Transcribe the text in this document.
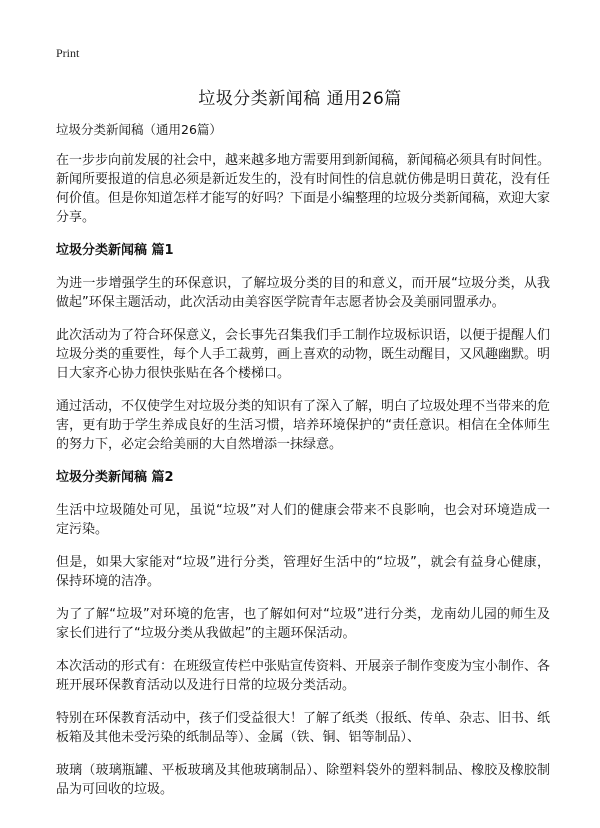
Print
垃圾分类新闻稿 通用26篇
垃圾分类新闻稿（通用26篇）

在一步步向前发展的社会中，越来越多地方需要用到新闻稿，新闻稿必须具有时间性。新闻所要报道的信息必须是新近发生的，没有时间性的信息就仿佛是明日黄花，没有任何价值。但是你知道怎样才能写的好吗？下面是小编整理的垃圾分类新闻稿，欢迎大家分享。

垃圾分类新闻稿 篇1

为进一步增强学生的环保意识，了解垃圾分类的目的和意义，而开展“垃圾分类，从我做起”环保主题活动，此次活动由美容医学院青年志愿者协会及美丽同盟承办。

此次活动为了符合环保意义，会长事先召集我们手工制作垃圾标识语，以便于提醒人们垃圾分类的重要性，每个人手工裁剪，画上喜欢的动物，既生动醒目，又风趣幽默。明日大家齐心协力很快张贴在各个楼梯口。

通过活动，不仅使学生对垃圾分类的知识有了深入了解，明白了垃圾处理不当带来的危害，更有助于学生养成良好的生活习惯，培养环境保护的“责任意识。相信在全体师生的努力下，必定会给美丽的大自然增添一抹绿意。

垃圾分类新闻稿 篇2

生活中垃圾随处可见，虽说“垃圾”对人们的健康会带来不良影响，也会对环境造成一定污染。

但是，如果大家能对“垃圾”进行分类，管理好生活中的“垃圾”，就会有益身心健康，保持环境的洁净。

为了了解“垃圾”对环境的危害，也了解如何对“垃圾”进行分类，龙南幼儿园的师生及家长们进行了“垃圾分类从我做起”的主题环保活动。

本次活动的形式有：在班级宣传栏中张贴宣传资料、开展亲子制作变废为宝小制作、各班开展环保教育活动以及进行日常的垃圾分类活动。

特别在环保教育活动中，孩子们受益很大！了解了纸类（报纸、传单、杂志、旧书、纸板箱及其他未受污染的纸制品等）、金属（铁、铜、铝等制品）、

玻璃（玻璃瓶罐、平板玻璃及其他玻璃制品）、除塑料袋外的塑料制品、橡胶及橡胶制品为可回收的垃圾。
